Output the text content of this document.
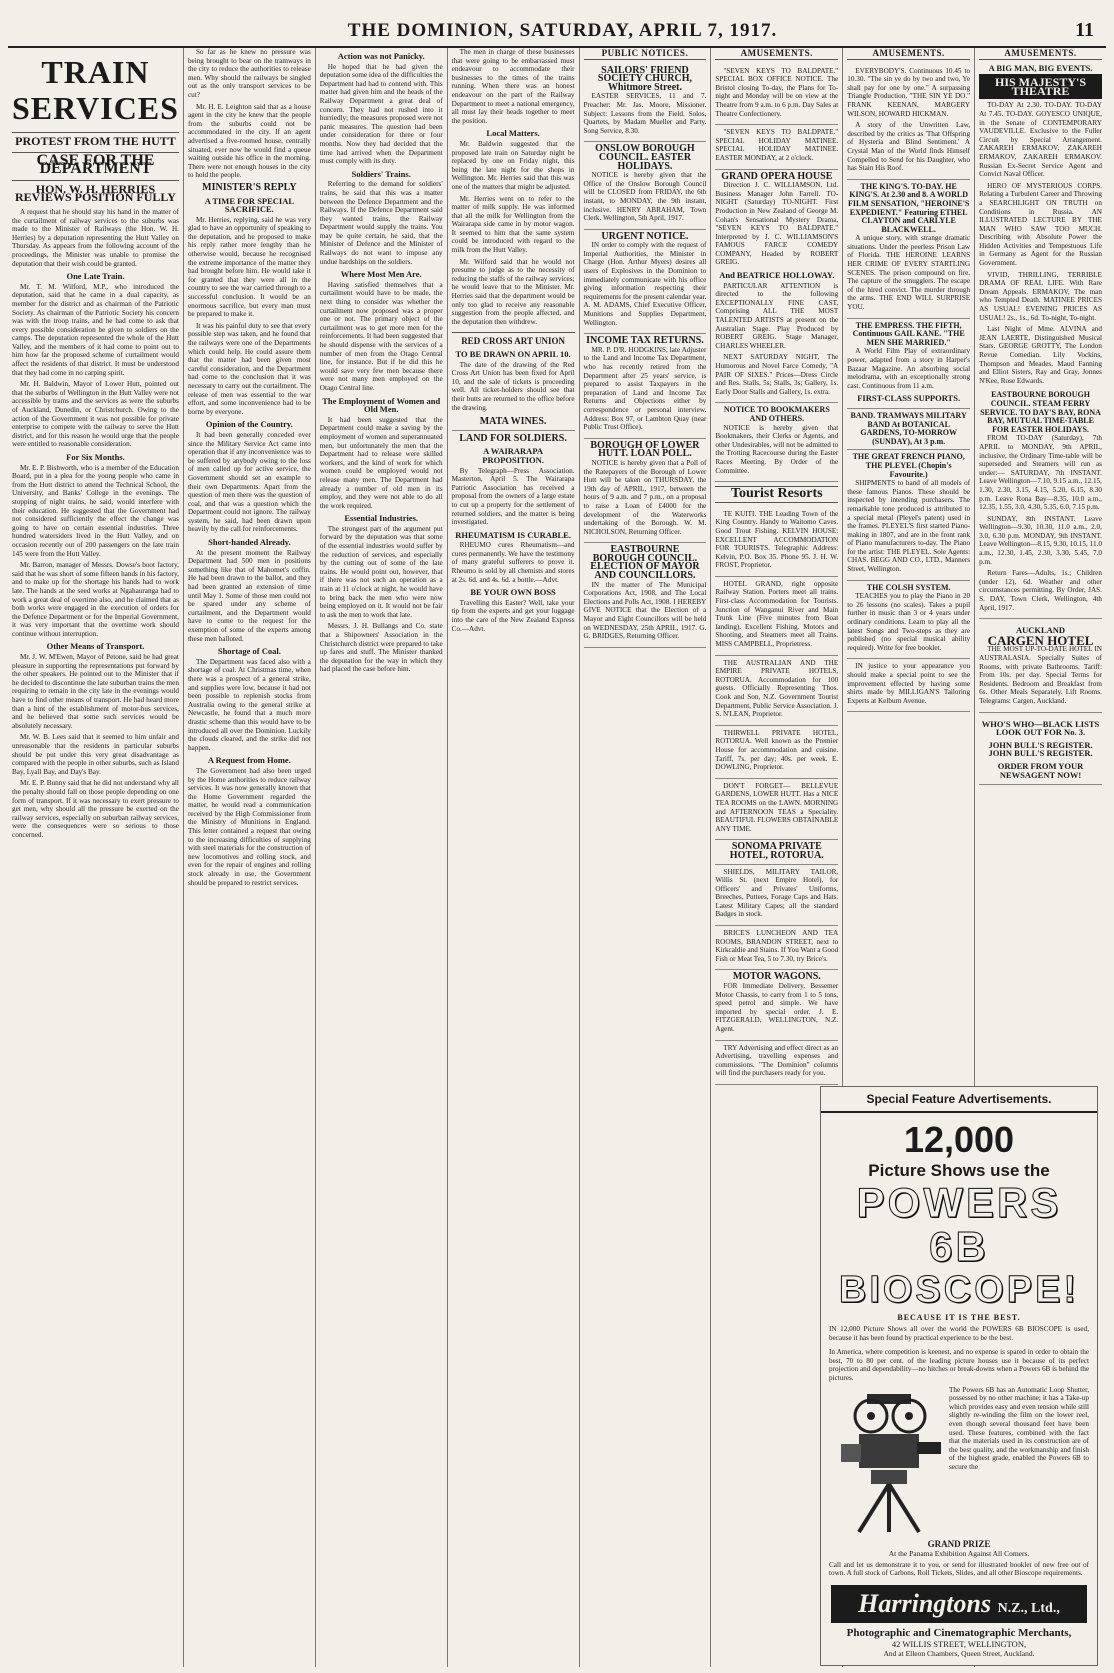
THE DOMINION, SATURDAY, APRIL 7, 1917.	11
TRAIN SERVICES
PROTEST FROM THE HUTT
CASE FOR THE DEPARTMENT
HON. W. H. HERRIES REVIEWS POSITION FULLY

A request that he should stay his hand in the matter of the curtailment of railway services to the suburbs was made to the Minister of Railways (the Hon. W. H. Herries) by a deputation representing the Hutt Valley on Thursday. As appears from the following account of the proceedings, the Minister was unable to promise the deputation that their wish could be granted.

One Late Train.

Mr. T. M. Wilford, M.P., who introduced the deputation, said that he came in a dual capacity, as member for the district and as chairman of the Patriotic Society. As chairman of the Patriotic Society his concern was with the troop trains, and he had come to ask that every possible consideration be given to soldiers on the camps. The deputation represented the whole of the Hutt Valley, and the members of it had come to point out to him how far the proposed scheme of curtailment would affect the residents of that district. It must be understood that they had come in no carping spirit.

Mr. H. Baldwin, Mayor of Lower Hutt, pointed out that the suburbs of Wellington in the Hutt Valley were not accessible by trams and the services as were the suburbs of Auckland, Dunedin, or Christchurch. Owing to the action of the Government it was not possible for private enterprise to compete with the railway to serve the Hutt district, and for this reason he would urge that the people were entitled to reasonable consideration.

For Six Months.

Mr. E. P. Bishworth, who is a member of the Education Board, put in a plea for the young people who came in from the Hutt district to attend the Technical School, the University, and Banks' College in the evenings. The stopping of night trains, he said, would interfere with their education. He suggested that the Government had not considered sufficiently the effect the change was going to have on certain essential industries. Three hundred watersiders lived in the Hutt Valley, and on occasion recently out of 200 passengers on the late train 145 were from the Hutt Valley.

Mr. Barron, manager of Messrs. Dowse's boot factory, said that he was short of some fifteen hands in his factory, and to make up for the shortage his hands had to work late. The hands at the seed works at Ngahauranga had to work a great deal of overtime also, and he claimed that as both works were engaged in the execution of orders for the Defence Department or for the Imperial Government, it was very important that the overtime work should continue without interruption.

Other Means of Transport.

Mr. J. W. M'Ewen, Mayor of Petone, said he had great pleasure in supporting the representations put forward by the other speakers. He pointed out to the Minister that if he decided to discontinue the late suburban trains the men requiring to remain in the city late in the evenings would have to find other means of transport. He had heard more than a hint of the establishment of motor-bus services, and he believed that some such services would be absolutely necessary.

Mr. W. B. Lees said that it seemed to him unfair and unreasonable that the residents in particular suburbs should be put under this very great disadvantage as compared with the people in other suburbs, such as Island Bay, Lyall Bay, and Day's Bay.

Mr. E. P. Bunny said that he did not understand why all the penalty should fall on those people depending on one form of transport. If it was necessary to exert pressure to get men, why should all the pressure be exerted on the railway services, especially on suburban railway services, were the consequences were so serious to those concerned.

So far as he knew no pressure was being brought to bear on the tramways in the city to reduce the authorities to release men. Why should the railways be singled out as the only transport services to be cut?

Mr. H. E. Leighton said that as a house agent in the city he knew that the people from the suburbs could not be accommodated in the city. If an agent advertised a five-roomed house, centrally situated, ever now he would find a queue waiting outside his office in the morning. There were not enough houses in the city to hold the people.

MINISTER'S REPLY
A TIME FOR SPECIAL SACRIFICE.

Mr. Herries, replying, said he was very glad to have an opportunity of speaking to the deputation, and he proposed to make his reply rather more lengthy than he otherwise would, because he recognised the extreme importance of the matter they had brought before him. He would take it for granted that they were all in the country to see the war carried through to a successful conclusion. It would be an enormous sacrifice, but every man must be prepared to make it.

It was his painful duty to see that every possible step was taken, and he found that the railways were one of the Departments which could help. He could assure them that the matter had been given most careful consideration, and the Department had come to the conclusion that it was necessary to carry out the curtailment. The release of men was essential to the war effort, and some inconvenience had to be borne by everyone.

Opinion of the Country.

It had been generally conceded ever since the Military Service Act came into operation that if any inconvenience was to be suffered by anybody owing to the loss of men called up for active service, the Government should set an example to their own Departments. Apart from the question of men there was the question of coal, and that was a question which the Department could not ignore. The railway system, he said, had been drawn upon heavily by the call for reinforcements.

Short-handed Already.

At the present moment the Railway Department had 500 men in positions something like that of Mahomet's coffin. He had been drawn to the ballot, and they had been granted an extension of time until May 1. Some of those men could not be spared under any scheme of curtailment, and the Department would have to come to the request for the exemption of some of the experts among these men balloted.

Shortage of Coal.

The Department was faced also with a shortage of coal. At Christmas time, when there was a prospect of a general strike, and supplies were low, because it had not been possible to replenish stocks from Australia owing to the general strike at Newcastle, he found that a much more drastic scheme than this would have to be introduced all over the Dominion. Luckily the clouds cleared, and the strike did not happen.

A Request from Home.

The Government had also been urged by the Home authorities to reduce railway services. It was now generally known that the Home Government regarded the matter, he would read a communication received by the High Commissioner from the Ministry of Munitions in England. This letter contained a request that owing to the increasing difficulties of supplying with steel materials for the construction of new locomotives and rolling stock, and even for the repair of engines and rolling stock already in use, the Government should be prepared to restrict services.

Action was not Panicky.

He hoped that he had given the deputation some idea of the difficulties the Department had had to contend with. This matter had given him and the heads of the Railway Department a great deal of concern. They had not rushed into it hurriedly; the measures proposed were not panic measures. The question had been under consideration for three or four months. Now they had decided that the time had arrived when the Department must comply with its duty.

Soldiers' Trains.

Referring to the demand for soldiers' trains, he said that this was a matter between the Defence Department and the Railways. If the Defence Department said they wanted trains, the Railway Department would supply the trains. You may be quite certain, he said, that the Minister of Defence and the Minister of Railways do not want to impose any undue hardships on the soldiers.

Where Most Men Are.

Having satisfied themselves that a curtailment would have to be made, the next thing to consider was whether the curtailment now proposed was a proper one or not. The primary object of the curtailment was to get more men for the reinforcements. It had been suggested that he should dispense with the services of a number of men from the Otago Central line, for instance. But if he did this he would save very few men because there were not many men employed on the Otago Central line.

The Employment of Women and Old Men.

It had been suggested that the Department could make a saving by the employment of women and superannuated men, but unfortunately the men that the Department had to release were skilled workers, and the kind of work for which women could be employed would not release many men. The Department had already a number of old men in its employ, and they were not able to do all the work required.

Essential Industries.

The strongest part of the argument put forward by the deputation was that some of the essential industries would suffer by the reduction of services, and especially by the cutting out of some of the late trains. He would point out, however, that if there was not such an operation as a train at 11 o'clock at night, he would have to bring back the men who were now being employed on it. It would not be fair to ask the men to work that late.

Messrs. J. H. Bullangs and Co. state that a Shipowners' Association in the Christchurch district were prepared to take up fares and stuff. The Minister thanked the deputation for the way in which they had placed the case before him.

The men in charge of these businesses that were going to be embarrassed must endeavour to accommodate their businesses to the times of the trains running. When there was an honest endeavour on the part of the Railway Department to meet a national emergency, all must lay their heads together to meet the position.

Local Matters.

Mr. Baldwin suggested that the proposed late train on Saturday night be replaced by one on Friday night, this being the late night for the shops in Wellington. Mr. Herries said that this was one of the matters that might be adjusted.

Mr. Herries went on to refer to the matter of milk supply. He was informed that all the milk for Wellington from the Wairarapa side came in by motor wagon. It seemed to him that the same system could be introduced with regard to the milk from the Hutt Valley.

Mr. Wilford said that he would not presume to judge as to the necessity of reducing the staffs of the railway services; he would leave that to the Minister. Mr. Herries said that the department would be only too glad to receive any reasonable suggestion from the people affected, and the deputation then withdrew.

RED CROSS ART UNION
TO BE DRAWN ON APRIL 10.

The date of the drawing of the Red Cross Art Union has been fixed for April 10, and the sale of tickets is proceeding well. All ticket-holders should see that their butts are returned to the office before the drawing.

MATA WINES.
LAND FOR SOLDIERS.
A WAIRARAPA PROPOSITION.

By Telegraph—Press Association. Masterton, April 5. The Wairarapa Patriotic Association has received a proposal from the owners of a large estate to cut up a property for the settlement of returned soldiers, and the matter is being investigated.

RHEUMATISM IS CURABLE.

RHEUMO cures Rheumatism—and cures permanently. We have the testimony of many grateful sufferers to prove it. Rheumo is sold by all chemists and stores at 2s. 6d. and 4s. 6d. a bottle.—Advt.

BE YOUR OWN BOSS

Travelling this Easter? Well, take your tip from the experts and get your luggage into the care of the New Zealand Express Co.—Advt.

PUBLIC NOTICES.
SAILORS' FRIEND SOCIETY CHURCH, Whitmore Street.

EASTER SERVICES, 11 and 7. Preacher: Mr. Jas. Moore, Missioner. Subject: Lessons from the Field. Solos, Quartets, by Madam Mueller and Party. Song Service, 8.30.

ONSLOW BOROUGH COUNCIL. EASTER HOLIDAYS.

NOTICE is hereby given that the Office of the Onslow Borough Council will be CLOSED from FRIDAY, the 6th instant, to MONDAY, the 9th instant, inclusive. HENRY ABRAHAM, Town Clerk. Wellington, 5th April, 1917.

URGENT NOTICE.

IN order to comply with the request of Imperial Authorities, the Minister in Charge (Hon. Arthur Myers) desires all users of Explosives in the Dominion to immediately communicate with his office giving information respecting their requirements for the present calendar year. A. M. ADAMS, Chief Executive Officer, Munitions and Supplies Department, Wellington.

INCOME TAX RETURNS.

MR. P. D'R. HODGKINS, late Adjuster to the Land and Income Tax Department, who has recently retired from the Department after 25 years' service, is prepared to assist Taxpayers in the preparation of Land and Income Tax Returns and Objections either by correspondence or personal interview. Address: Box 97, or Lambton Quay (near Public Trust Office).

BOROUGH OF LOWER HUTT. LOAN POLL.

NOTICE is hereby given that a Poll of the Ratepayers of the Borough of Lower Hutt will be taken on THURSDAY, the 19th day of APRIL, 1917, between the hours of 9 a.m. and 7 p.m., on a proposal to raise a Loan of £4000 for the development of the Waterworks undertaking of the Borough. W. M. NICHOLSON, Returning Officer.

EASTBOURNE BOROUGH COUNCIL. ELECTION OF MAYOR AND COUNCILLORS.

IN the matter of The Municipal Corporations Act, 1908, and The Local Elections and Polls Act, 1908. I HEREBY GIVE NOTICE that the Election of a Mayor and Eight Councillors will be held on WEDNESDAY, 25th APRIL, 1917. G. G. BRIDGES, Returning Officer.

AMUSEMENTS.

"SEVEN KEYS TO BALDPATE." SPECIAL BOX OFFICE NOTICE. The Bristol closing To-day, the Plans for To-night and Monday will be on view at the Theatre from 9 a.m. to 6 p.m. Day Sales at Theatre Confectionery.

"SEVEN KEYS TO BALDPATE." SPECIAL HOLIDAY MATINEE. SPECIAL HOLIDAY MATINEE. EASTER MONDAY, at 2 o'clock.

GRAND OPERA HOUSE

Direction J. C. WILLIAMSON, Ltd. Business Manager John Farrell. TO-NIGHT (Saturday) TO-NIGHT. First Production in New Zealand of George M. Cohan's Sensational Mystery Drama, "SEVEN KEYS TO BALDPATE." Interpreted by J. C. WILLIAMSON'S FAMOUS FARCE COMEDY COMPANY, Headed by ROBERT GREIG.

And BEATRICE HOLLOWAY.

PARTICULAR ATTENTION is directed to the following EXCEPTIONALLY FINE CAST, Comprising ALL THE MOST TALENTED ARTISTS at present on the Australian Stage. Play Produced by ROBERT GREIG. Stage Manager, CHARLES WHEELER.

NEXT SATURDAY NIGHT, The Humorous and Novel Farce Comedy, "A PAIR OF SIXES." Prices—Dress Circle and Res. Stalls, 5s; Stalls, 3s; Gallery, 1s. Early Door Stalls and Gallery, 1s. extra.

NOTICE TO BOOKMAKERS AND OTHERS.

NOTICE is hereby given that Bookmakers, their Clerks or Agents, and other Undesirables, will not be admitted to the Trotting Racecourse during the Easter Races Meeting. By Order of the Committee.

Tourist Resorts

TE KUITI. THE Leading Town of the King Country. Handy to Waitomo Caves. Good Trout Fishing. KELVIN HOUSE: EXCELLENT ACCOMMODATION FOR TOURISTS. Telegraphic Address: Kelvin, P.O. Box 35. Phone 95. J. H. W. FROST, Proprietor.

HOTEL GRAND, right opposite Railway Station. Porters meet all trains. First-class Accommodation for Tourists. Junction of Wanganui River and Main Trunk Line (Five minutes from Boat landing). Excellent Fishing. Motors and Shooting, and Steamers meet all Trains. MISS CAMPBELL, Proprietress.

THE AUSTRALIAN AND THE EMPIRE PRIVATE HOTELS, ROTORUA. Accommodation for 100 guests. Officially Representing Thos. Cook and Son, N.Z. Government Tourist Department, Public Service Association. J. S. N'LEAN, Proprietor.

THIRWELL PRIVATE HOTEL, ROTORUA. Well known as the Premier House for accommodation and cuisine. Tariff, 7s. per day; 40s. per week. E. DOWLING, Proprietor.

DON'T FORGET— BELLEVUE GARDENS, LOWER HUTT. Has a NICE TEA ROOMS on the LAWN. MORNING and AFTERNOON TEAS a Speciality. BEAUTIFUL FLOWERS OBTAINABLE ANY TIME.

SONOMA PRIVATE HOTEL, ROTORUA.

SHIELDS, MILITARY TAILOR, Willis St. (next Empire Hotel), for Officers' and Privates' Uniforms, Breeches, Puttees, Forage Caps and Hats. Latest Military Capes; all the standard Badges in stock.

BRICE'S LUNCHEON AND TEA ROOMS, BRANDON STREET, next to Kirkcaldie and Stains. If You Want a Good Fish or Meat Tea, 5 to 7.30, try Brice's.

MOTOR WAGONS.

FOR Immediate Delivery, Bessemer Motor Chassis, to carry from 1 to 5 tons, speed petrol and simple. We have imported by special order. J. E. FITZGERALD, WELLINGTON, N.Z. Agent.

TRY Advertising and effect direct as an Advertising, travelling expenses and commissions. "The Dominion" columns will find the purchasers ready for you.

AMUSEMENTS.

EVERYBODY'S. Continuous 10.45 to 10.30. "The sin ye do by two and two, Ye shall pay for one by one." A surpassing Triangle Production, "THE SIN YE DO." FRANK KEENAN, MARGERY WILSON, HOWARD HICKMAN.

A story of the Unwritten Law, described by the critics as 'That Offspring of Hysteria and Blind Sentiment.' A Crystal Man of the World finds Himself Compelled to Send for his Daughter, who has Stain His Roof.

THE KING'S. TO-DAY. HE KING'S. At 2.30 and 8. A WORLD FILM SENSATION, "HEROINE'S EXPEDIENT." Featuring ETHEL CLAYTON and CARLYLE BLACKWELL.

A unique story, with strange dramatic situations. Under the peerless Prison Law of Florida. THE HEROINE LEARNS HER CRIME OF EVERY STARTLING SCENES. The prison compound on fire. The capture of the smugglers. The escape of the hired convict. The murder through the arms. THE END WILL SURPRISE YOU.

THE EMPRESS. THE FIFTH, Continuous GAIL KANE. "THE MEN SHE MARRIED."

A World Film Play of extraordinary power, adapted from a story in Harper's Bazaar Magazine. An absorbing social melodrama, with an exceptionally strong cast. Continuous from 11 a.m.

FIRST-CLASS SUPPORTS.
BAND. TRAMWAYS MILITARY BAND At BOTANICAL GARDENS, TO-MORROW (SUNDAY), At 3 p.m.
THE GREAT FRENCH PIANO, THE PLEYEL (Chopin's Favourite.)

SHIPMENTS to hand of all models of these famous Pianos. These should be inspected by intending purchasers. The remarkable tone produced is attributed to a special metal (Pleyel's patent) used in the frames. PLEYEL'S first started Piano-making in 1807, and are in the front rank of Piano manufacturers to-day. The Piano for the artist: THE PLEYEL. Sole Agents: CHAS. BEGG AND CO., LTD., Manners Street, Wellington.

THE COLSH SYSTEM.

TEACHES you to play the Piano in 20 to 26 lessons (no scales). Takes a pupil further in music than 3 or 4 years under ordinary conditions. Learn to play all the latest Songs and Two-steps as they are published (no special musical ability required). Write for free booklet.

IN justice to your appearance you should make a special point to see the improvement effected by having some shirts made by MILLIGAN'S Tailoring Experts at Kelburn Avenue.

AMUSEMENTS.
A BIG MAN, BIG EVENTS.
HIS MAJESTY'S THEATRE

TO-DAY At 2.30. TO-DAY. TO-DAY At 7.45. TO-DAY. GOYESCO UNIQUE, in the Senate of CONTEMPORARY VAUDEVILLE. Exclusive to the Fuller Circuit by Special Arrangement. ZAKAREH ERMAKOV, ZAKAREH ERMAKOV, ZAKAREH ERMAKOV. Russian Ex-Secret Service Agent and Convict Naval Officer.

HERO OF MYSTERIOUS CORPS. Relating a Turbulent Career and Throwing a SEARCHLIGHT ON TRUTH on Conditions in Russia. AN ILLUSTRATED LECTURE BY THE MAN WHO SAW TOO MUCH. Describing with Absolute Power the Hidden Activities and Tempestuous Life in Germany as Agent for the Russian Government.

VIVID, THRILLING, TERRIBLE DRAMA OF REAL LIFE. With Rare Dream Appeals. ERMAKOV, The man who Tempted Death. MATINEE PRICES AS USUAL! EVENING PRICES AS USUAL! 2s., 1s., 6d. To-night, To-night.

Last Night of Mme. ALVINA and JEAN LAERTE, Distinguished Musical Stars. GEORGE GROTTY, The London Revue Comedian. Lily Vockins, Thompson and Meades, Maud Fanning and Elliot Sisters, Ray and Gray, Jonnes N'Kee, Rose Edwards.

EASTBOURNE BOROUGH COUNCIL. STEAM FERRY SERVICE. TO DAY'S BAY, RONA BAY, MUTUAL TIME-TABLE FOR EASTER HOLIDAYS.

FROM TO-DAY (Saturday), 7th APRIL to MONDAY, 9th APRIL, inclusive, the Ordinary Time-table will be superseded and Steamers will run as under:— SATURDAY, 7th INSTANT. Leave Wellington—7.10, 9.15 a.m., 12.15, 1.30, 2.30, 3.15, 4.15, 5.20, 6.15, 8.30 p.m. Leave Rona Bay—8.35, 10.0 a.m., 12.35, 1.55, 3.0, 4.30, 5.35, 6.0, 7.15 p.m.

SUNDAY, 8th INSTANT. Leave Wellington—9.30, 10.30, 11.0 a.m., 2.0, 3.0, 6.30 p.m. MONDAY, 9th INSTANT. Leave Wellington—8.15, 9.30, 10.15, 11.0 a.m., 12.30, 1.45, 2.30, 3.30, 5.45, 7.0 p.m.

Return Fares—Adults, 1s.; Children (under 12), 6d. Weather and other circumstances permitting. By Order, JAS. S. DAY, Town Clerk, Wellington, 4th April, 1917.

AUCKLAND
CARGEN HOTEL

THE MOST UP-TO-DATE HOTEL IN AUSTRALASIA. Specially Suites of Rooms, with private Bathrooms. Tariff: From 10s. per day. Special Terms for Residents. Bedroom and Breakfast from 6s. Other Meals Separately. Lift Rooms. Telegrams: Cargen, Auckland.

WHO'S WHO—BLACK LISTS LOOK OUT FOR No. 3.
JOHN BULL'S REGISTER. JOHN BULL'S REGISTER.
ORDER FROM YOUR NEWSAGENT NOW!
Special Feature Advertisements.
12,000
Picture Shows use the
POWERS 6B
BIOSCOPE!
BECAUSE IT IS THE BEST.
IN 12,000 Picture Shows all over the world the POWERS 6B BIOSCOPE is used, because it has been found by practical experience to be the best.
In America, where competition is keenest, and no expense is spared in order to obtain the best, 70 to 80 per cent. of the leading picture houses use it because of its perfect projection and dependability—no hitches or break-downs when a Powers 6B is behind the pictures.
The Powers 6B has an Automatic Loop Shutter, possessed by no other machine; it has a Take-up which provides easy and even tension while still slightly re-winding the film on the lower reel, even though several thousand feet have been used. These features, combined with the fact that the materials used in its construction are of the best quality, and the workmanship and finish of the highest grade, enabled the Powers 6B to secure the
GRAND PRIZE
At the Panama Exhibition Against All Comers.
Call and let us demonstrate it to you, or send for illustrated booklet of new free out of town. A full stock of Carbons, Roll Tickets, Slides, and all other Bioscope requirements.
Harringtons N.Z., Ltd.,
Photographic and Cinematographic Merchants,
42 WILLIS STREET, WELLINGTON,
And at Elleon Chambers, Queen Street, Auckland.
